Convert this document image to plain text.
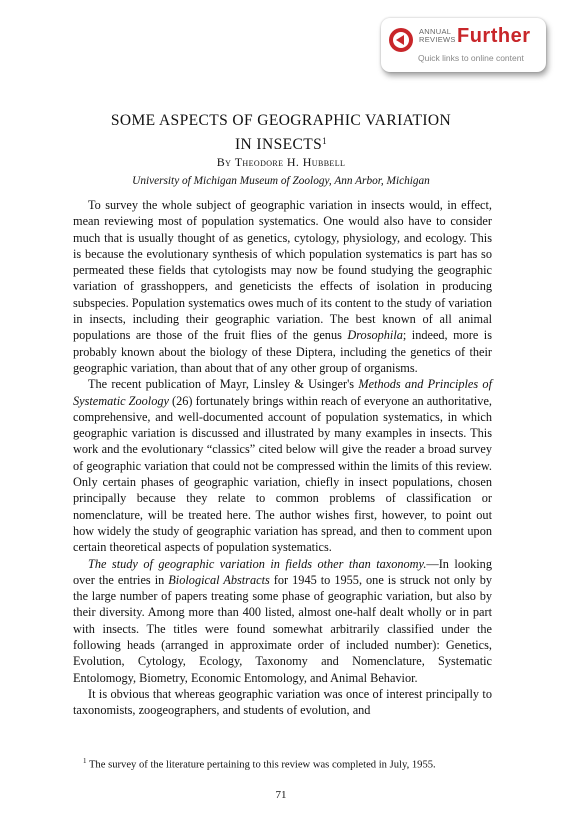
ANNUAL
REVIEWS Further
Quick links to online content
SOME ASPECTS OF GEOGRAPHIC VARIATION
IN INSECTS$^1$
By Theodore H. Hubbell
University of Michigan Museum of Zoology, Ann Arbor, Michigan

To survey the whole subject of geographic variation in insects would, in effect, mean reviewing most of population systematics. One would also have to consider much that is usually thought of as genetics, cytology, physiology, and ecology. This is because the evolutionary synthesis of which population systematics is part has so permeated these fields that cytologists may now be found studying the geographic variation of grasshoppers, and geneticists the effects of isolation in producing subspecies. Population systematics owes much of its content to the study of variation in insects, including their geographic variation. The best known of all animal populations are those of the fruit flies of the genus Drosophila; indeed, more is probably known about the biology of these Diptera, including the genetics of their geographic variation, than about that of any other group of organisms.

The recent publication of Mayr, Linsley & Usinger's Methods and Principles of Systematic Zoology (26) fortunately brings within reach of everyone an authoritative, comprehensive, and well-documented account of population systematics, in which geographic variation is discussed and illustrated by many examples in insects. This work and the evolutionary “classics” cited below will give the reader a broad survey of geographic variation that could not be compressed within the limits of this review. Only certain phases of geographic variation, chiefly in insect populations, chosen principally because they relate to common problems of classification or nomenclature, will be treated here. The author wishes first, however, to point out how widely the study of geographic variation has spread, and then to comment upon certain theoretical aspects of population systematics.

The study of geographic variation in fields other than taxonomy.—In looking over the entries in Biological Abstracts for 1945 to 1955, one is struck not only by the large number of papers treating some phase of geographic variation, but also by their diversity. Among more than 400 listed, almost one-half dealt wholly or in part with insects. The titles were found somewhat arbitrarily classified under the following heads (arranged in approximate order of included number): Genetics, Evolution, Cytology, Ecology, Taxonomy and Nomenclature, Systematic Entolomogy, Biometry, Economic Entomology, and Animal Behavior.

It is obvious that whereas geographic variation was once of interest principally to taxonomists, zoogeographers, and students of evolution, and

$^1$ The survey of the literature pertaining to this review was completed in July, 1955.
71
